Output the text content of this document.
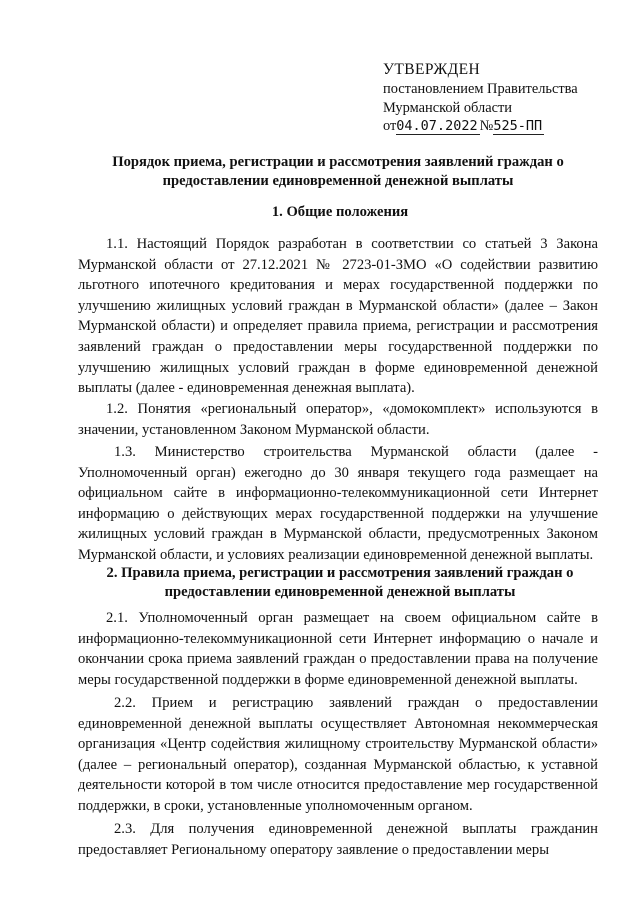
УТВЕРЖДЕН
постановлением Правительства
Мурманской области
от04.07.2022 №525-ПП
Порядок приема, регистрации и рассмотрения заявлений граждан о предоставлении единовременной денежной выплаты
1. Общие положения
1.1. Настоящий Порядок разработан в соответствии со статьей 3 Закона Мурманской области от 27.12.2021 № 2723-01-ЗМО «О содействии развитию льготного ипотечного кредитования и мерах государственной поддержки по улучшению жилищных условий граждан в Мурманской области» (далее – Закон Мурманской области) и определяет правила приема, регистрации и рассмотрения заявлений граждан о предоставлении меры государственной поддержки по улучшению жилищных условий граждан в форме единовременной денежной выплаты (далее - единовременная денежная выплата).
1.2. Понятия «региональный оператор», «домокомплект» используются в значении, установленном Законом Мурманской области.
1.3. Министерство строительства Мурманской области (далее - Уполномоченный орган) ежегодно до 30 января текущего года размещает на официальном сайте в информационно-телекоммуникационной сети Интернет информацию о действующих мерах государственной поддержки на улучшение жилищных условий граждан в Мурманской области, предусмотренных Законом Мурманской области, и условиях реализации единовременной денежной выплаты.
2. Правила приема, регистрации и рассмотрения заявлений граждан о предоставлении единовременной денежной выплаты
2.1. Уполномоченный орган размещает на своем официальном сайте в информационно-телекоммуникационной сети Интернет информацию о начале и окончании срока приема заявлений граждан о предоставлении права на получение меры государственной поддержки в форме единовременной денежной выплаты.
2.2. Прием и регистрацию заявлений граждан о предоставлении единовременной денежной выплаты осуществляет Автономная некоммерческая организация «Центр содействия жилищному строительству Мурманской области» (далее – региональный оператор), созданная Мурманской областью, к уставной деятельности которой в том числе относится предоставление мер государственной поддержки, в сроки, установленные уполномоченным органом.
2.3. Для получения единовременной денежной выплаты гражданин предоставляет Региональному оператору заявление о предоставлении меры
